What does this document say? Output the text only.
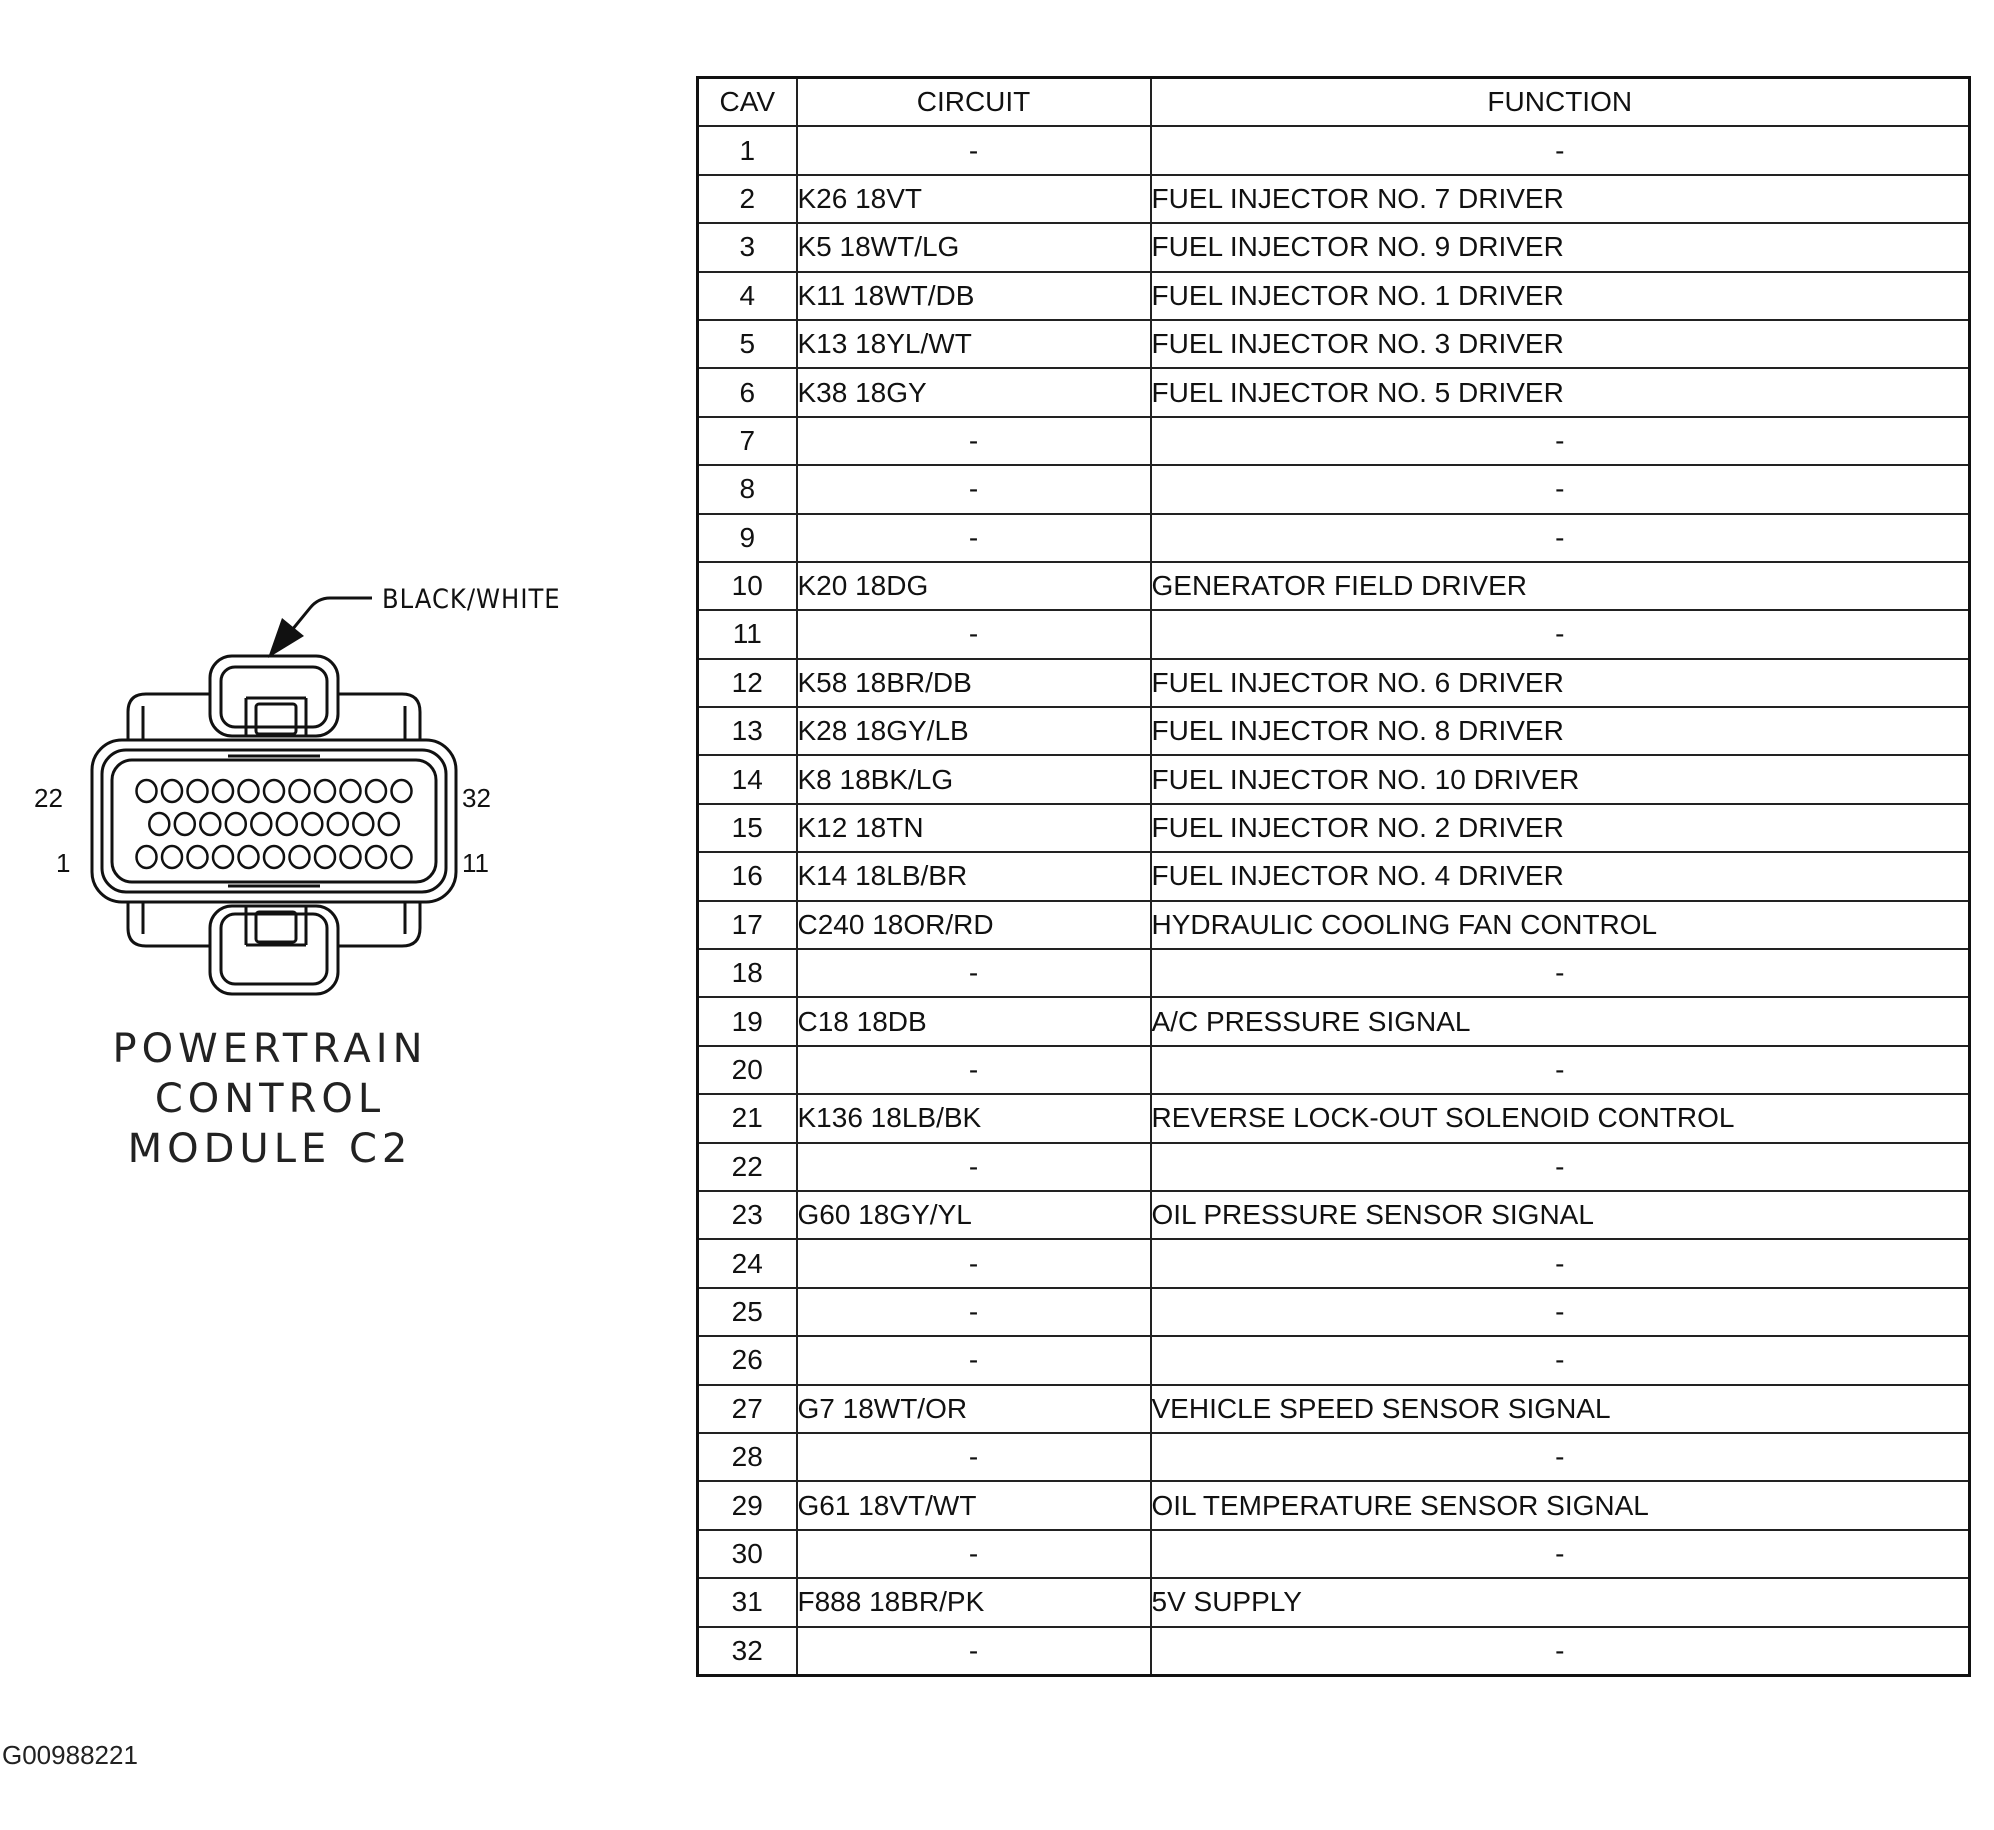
BLACK/WHITE
22	32
1	11
POWERTRAIN
CONTROL
MODULE C2
G00988221
CAV	CIRCUIT	FUNCTION
1	-	-
2	K26 18VT	FUEL INJECTOR NO. 7 DRIVER
3	K5 18WT/LG	FUEL INJECTOR NO. 9 DRIVER
4	K11 18WT/DB	FUEL INJECTOR NO. 1 DRIVER
5	K13 18YL/WT	FUEL INJECTOR NO. 3 DRIVER
6	K38 18GY	FUEL INJECTOR NO. 5 DRIVER
7	-	-
8	-	-
9	-	-
10	K20 18DG	GENERATOR FIELD DRIVER
11	-	-
12	K58 18BR/DB	FUEL INJECTOR NO. 6 DRIVER
13	K28 18GY/LB	FUEL INJECTOR NO. 8 DRIVER
14	K8 18BK/LG	FUEL INJECTOR NO. 10 DRIVER
15	K12 18TN	FUEL INJECTOR NO. 2 DRIVER
16	K14 18LB/BR	FUEL INJECTOR NO. 4 DRIVER
17	C240 18OR/RD	HYDRAULIC COOLING FAN CONTROL
18	-	-
19	C18 18DB	A/C PRESSURE SIGNAL
20	-	-
21	K136 18LB/BK	REVERSE LOCK-OUT SOLENOID CONTROL
22	-	-
23	G60 18GY/YL	OIL PRESSURE SENSOR SIGNAL
24	-	-
25	-	-
26	-	-
27	G7 18WT/OR	VEHICLE SPEED SENSOR SIGNAL
28	-	-
29	G61 18VT/WT	OIL TEMPERATURE SENSOR SIGNAL
30	-	-
31	F888 18BR/PK	5V SUPPLY
32	-	-
